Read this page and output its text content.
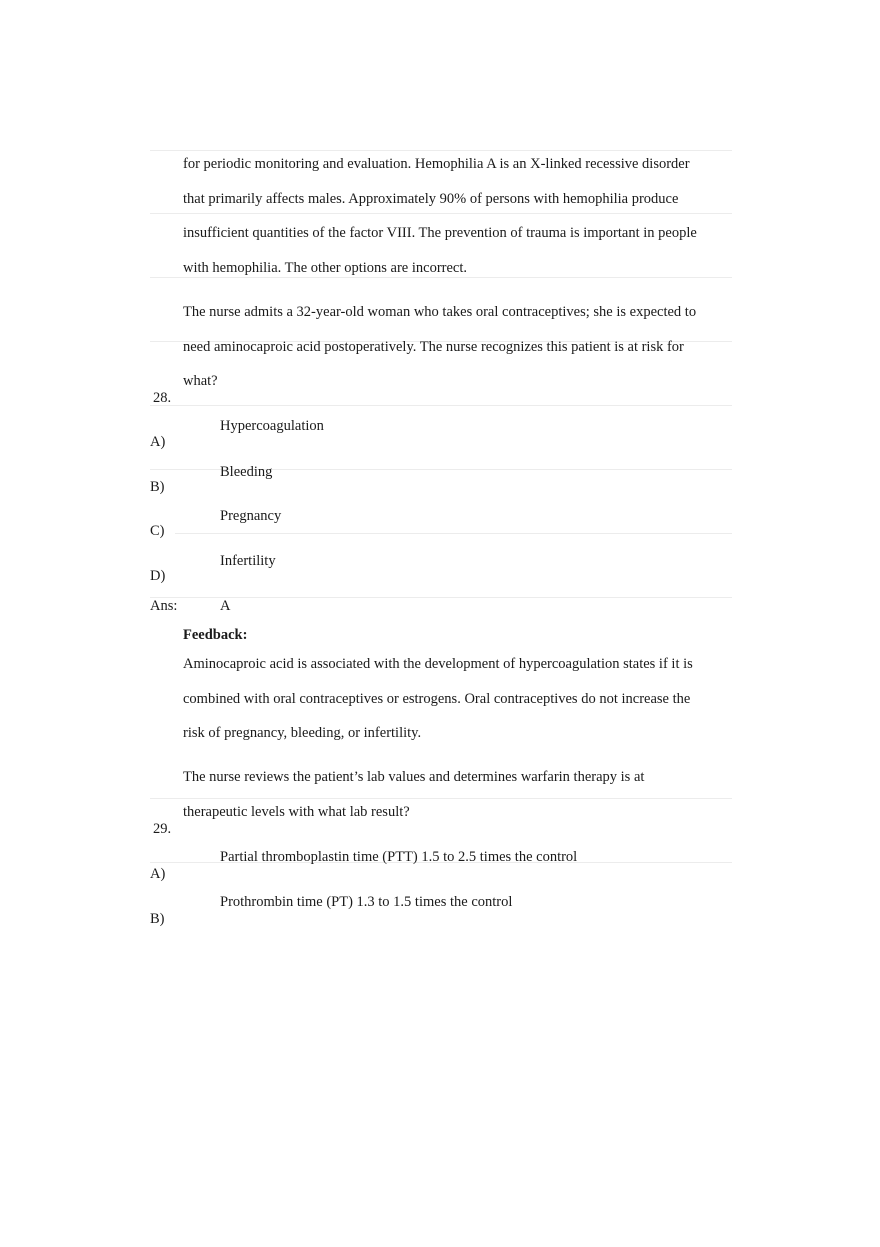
for periodic monitoring and evaluation. Hemophilia A is an X-linked recessive disorder
that primarily affects males. Approximately 90% of persons with hemophilia produce
insufficient quantities of the factor VIII. The prevention of trauma is important in people
with hemophilia. The other options are incorrect.
The nurse admits a 32-year-old woman who takes oral contraceptives; she is expected to
need aminocaproic acid postoperatively. The nurse recognizes this patient is at risk for
what?
28.
Hypercoagulation
A)
Bleeding
B)
Pregnancy
C)
Infertility
D)
Ans:	A
Feedback:
Aminocaproic acid is associated with the development of hypercoagulation states if it is
combined with oral contraceptives or estrogens. Oral contraceptives do not increase the
risk of pregnancy, bleeding, or infertility.
The nurse reviews the patient’s lab values and determines warfarin therapy is at
therapeutic levels with what lab result?
29.
Partial thromboplastin time (PTT) 1.5 to 2.5 times the control
A)
Prothrombin time (PT) 1.3 to 1.5 times the control
B)
